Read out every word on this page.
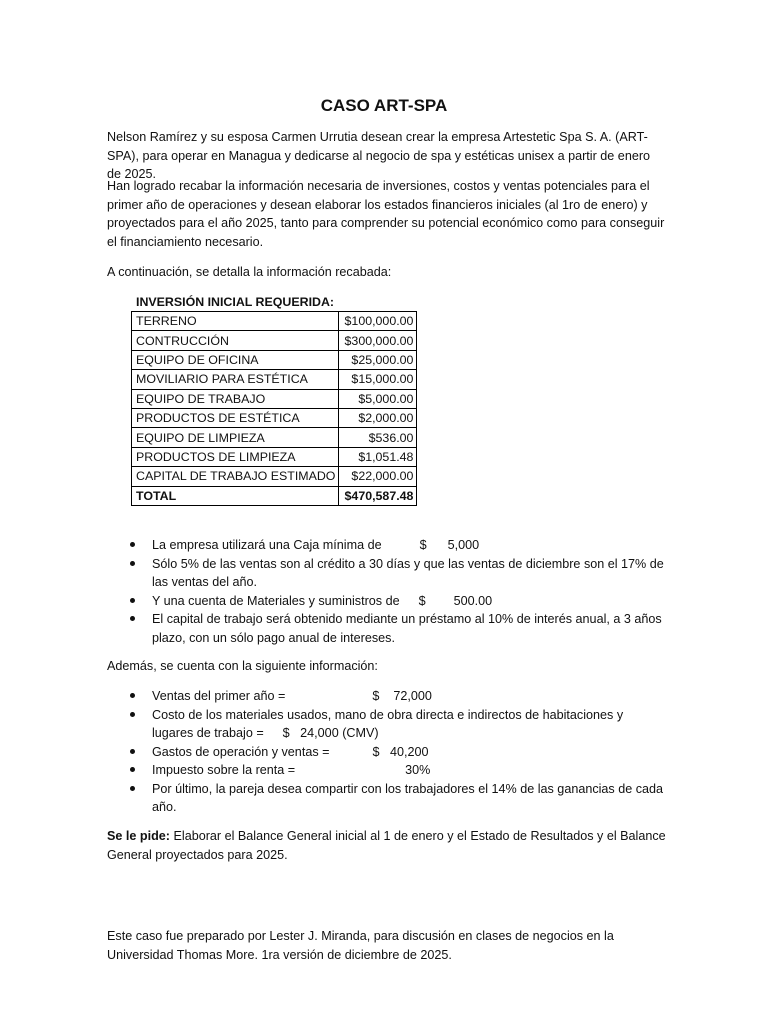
CASO ART-SPA

Nelson Ramírez y su esposa Carmen Urrutia desean crear la empresa Artestetic Spa S. A. (ART-SPA), para operar en Managua y dedicarse al negocio de spa y estéticas unisex a partir de enero de 2025.

Han logrado recabar la información necesaria de inversiones, costos y ventas potenciales para el primer año de operaciones y desean elaborar los estados financieros iniciales (al 1ro de enero) y proyectados para el año 2025, tanto para comprender su potencial económico como para conseguir el financiamiento necesario.

A continuación, se detalla la información recabada:

INVERSIÓN INICIAL REQUERIDA:
TERRENO	$100,000.00
CONTRUCCIÓN	$300,000.00
EQUIPO DE OFICINA	$25,000.00
MOVILIARIO PARA ESTÉTICA	$15,000.00
EQUIPO DE TRABAJO	$5,000.00
PRODUCTOS DE ESTÉTICA	$2,000.00
EQUIPO DE LIMPIEZA	$536.00
PRODUCTOS DE LIMPIEZA	$1,051.48
CAPITAL DE TRABAJO ESTIMADO	$22,000.00
TOTAL	$470,587.48
La empresa utilizará una Caja mínima de	$      5,000
Sólo 5% de las ventas son al crédito a 30 días y que las ventas de diciembre son el 17% de las ventas del año.
Y una cuenta de Materiales y suministros de $        500.00
El capital de trabajo será obtenido mediante un préstamo al 10% de interés anual, a 3 años plazo, con un sólo pago anual de intereses.

Además, se cuenta con la siguiente información:

Ventas del primer año =	$    72,000
Costo de los materiales usados, mano de obra directa e indirectos de habitaciones y lugares de trabajo = $   24,000 (CMV)
Gastos de operación y ventas =	$   40,200
Impuesto sobre la renta =	30%
Por último, la pareja desea compartir con los trabajadores el 14% de las ganancias de cada año.

Se le pide: Elaborar el Balance General inicial al 1 de enero y el Estado de Resultados y el Balance General proyectados para 2025.

Este caso fue preparado por Lester J. Miranda, para discusión en clases de negocios en la Universidad Thomas More. 1ra versión de diciembre de 2025.
